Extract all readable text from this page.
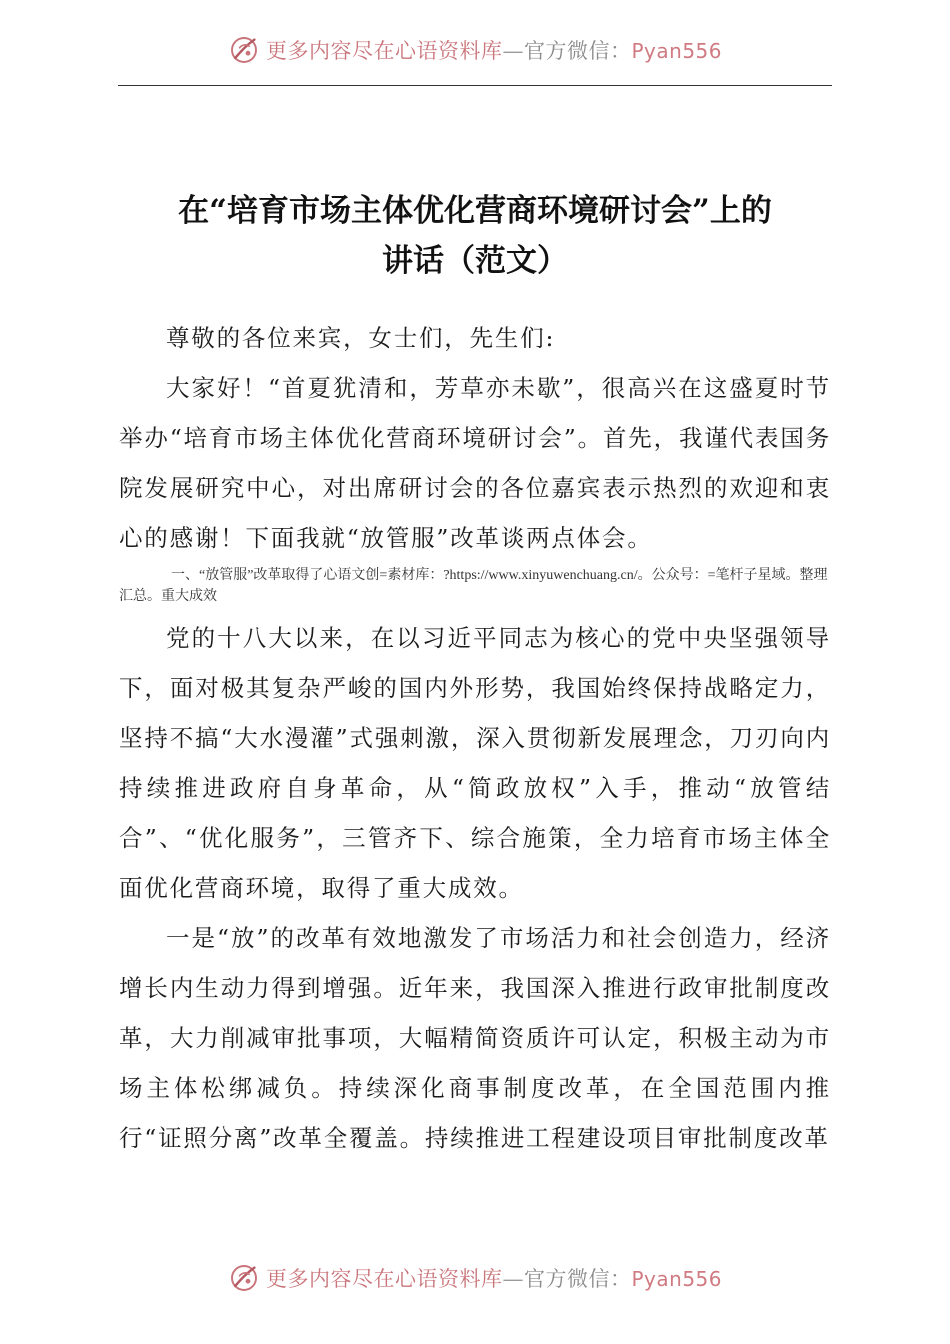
更多内容尽在心语资料库—官方微信：Pyan556
在“培育市场主体优化营商环境研讨会”上的
讲话（范文）

尊敬的各位来宾，女士们，先生们:

大家好！“首夏犹清和，芳草亦未歇”，很高兴在这盛夏时节举办“培育市场主体优化营商环境研讨会”。首先，我谨代表国务院发展研究中心，对出席研讨会的各位嘉宾表示热烈的欢迎和衷心的感谢！下面我就“放管服”改革谈两点体会。

一、“放管服”改革取得了心语文创=素材库：?https://www.xinyuwenchuang.cn/。公众号：=笔杆子星域。整理汇总。重大成效

党的十八大以来，在以习近平同志为核心的党中央坚强领导下，面对极其复杂严峻的国内外形势，我国始终保持战略定力，坚持不搞“大水漫灌”式强刺激，深入贯彻新发展理念，刀刃向内持续推进政府自身革命，从“简政放权”入手，推动“放管结合”、“优化服务”，三管齐下、综合施策，全力培育市场主体全面优化营商环境，取得了重大成效。

一是“放”的改革有效地激发了市场活力和社会创造力，经济增长内生动力得到增强。近年来，我国深入推进行政审批制度改革，大力削减审批事项，大幅精简资质许可认定，积极主动为市场主体松绑减负。持续深化商事制度改革，在全国范围内推行“证照分离”改革全覆盖。持续推进工程建设项目审批制度改革

更多内容尽在心语资料库—官方微信：Pyan556
